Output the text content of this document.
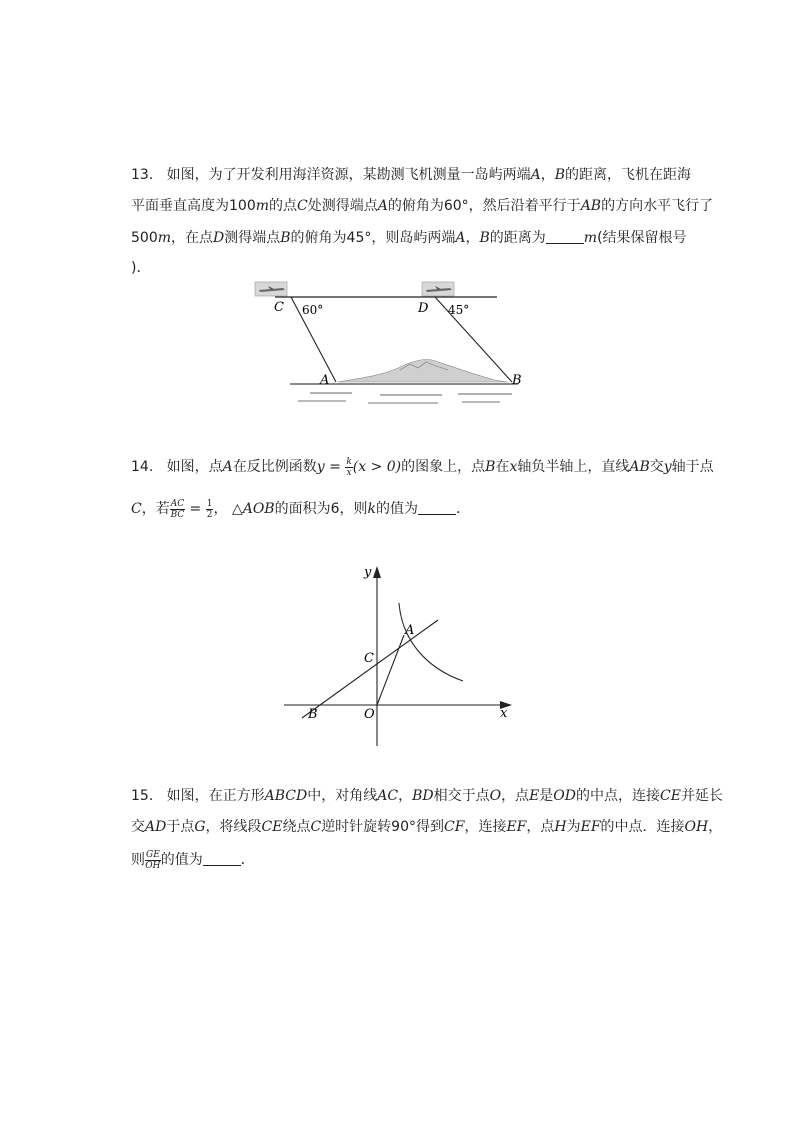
13. 如图，为了开发利用海洋资源，某勘测飞机测量一岛屿两端A，B的距离，飞机在距海
平面垂直高度为100m的点C处测得端点A的俯角为60°，然后沿着平行于AB的方向水平飞行了
500m，在点D测得端点B的俯角为45°，则岛屿两端A，B的距离为	m(结果保留根号
)．
C 60°	D 45°
A	B
14. 如图，点A在反比例函数$y = \frac{k}{x} (x > 0)$的图象上，点B在x轴负半轴上，直线AB交y轴于点
C，若 $\frac{AC}{BC} = \frac{1}{2}$ ， △AOB的面积为6，则k的值为	．
y
x
A
C
B	O
15. 如图，在正方形ABCD中，对角线AC，BD相交于点O，点E是OD的中点，连接CE并延长
交AD于点G，将线段CE绕点C逆时针旋转90°得到CF，连接EF，点H为EF的中点．连接OH，
则 $\frac{GE}{OH}$ 的值为	．
